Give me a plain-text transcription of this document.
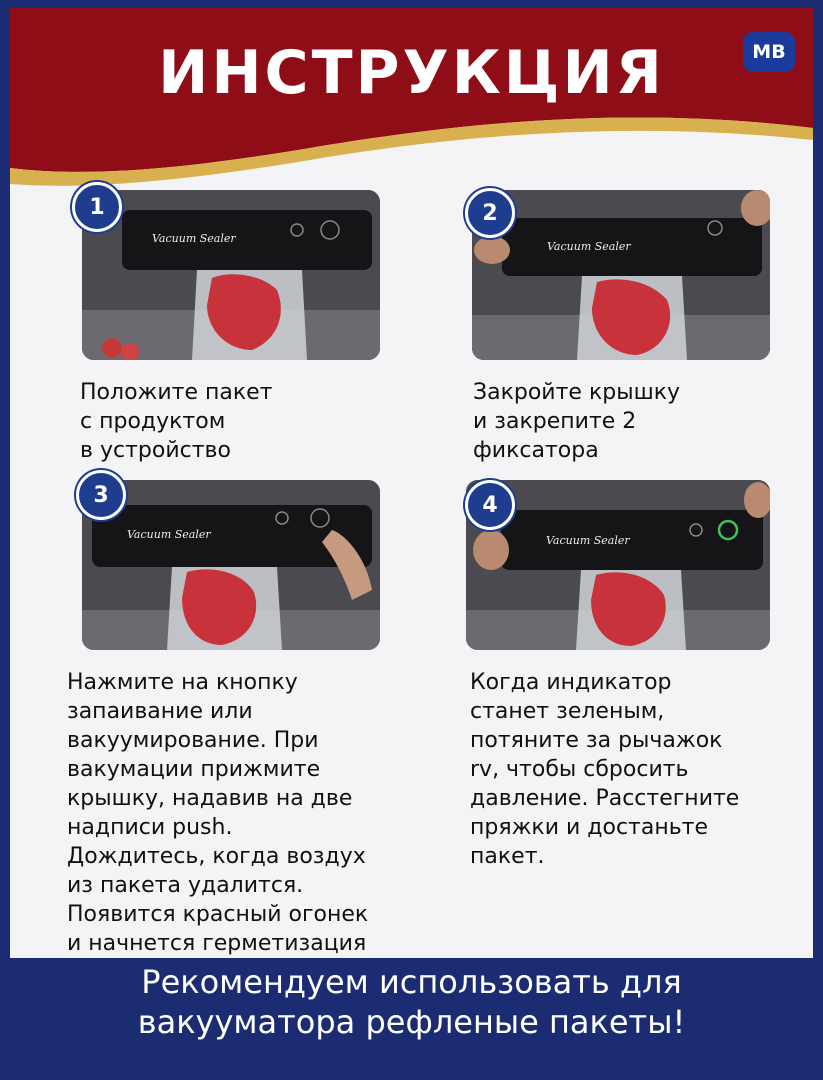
ИНСТРУКЦИЯ	MB
Vacuum Sealer
1
Vacuum Sealer
2
Положите пакет
с продуктом
в устройство
Закройте крышку
и закрепите 2
фиксатора
Vacuum Sealer
3
Vacuum Sealer
4
Нажмите на кнопку
запаивание или
вакуумирование. При
вакумации прижмите
крышку, надавив на две
надписи push.
Дождитесь, когда воздух
из пакета удалится.
Появится красный огонек
и начнется герметизация
Когда индикатор
станет зеленым,
потяните за рычажок
rv, чтобы сбросить
давление. Расстегните
пряжки и достаньте
пакет.
Рекомендуем использовать для
вакууматора рефленые пакеты!
